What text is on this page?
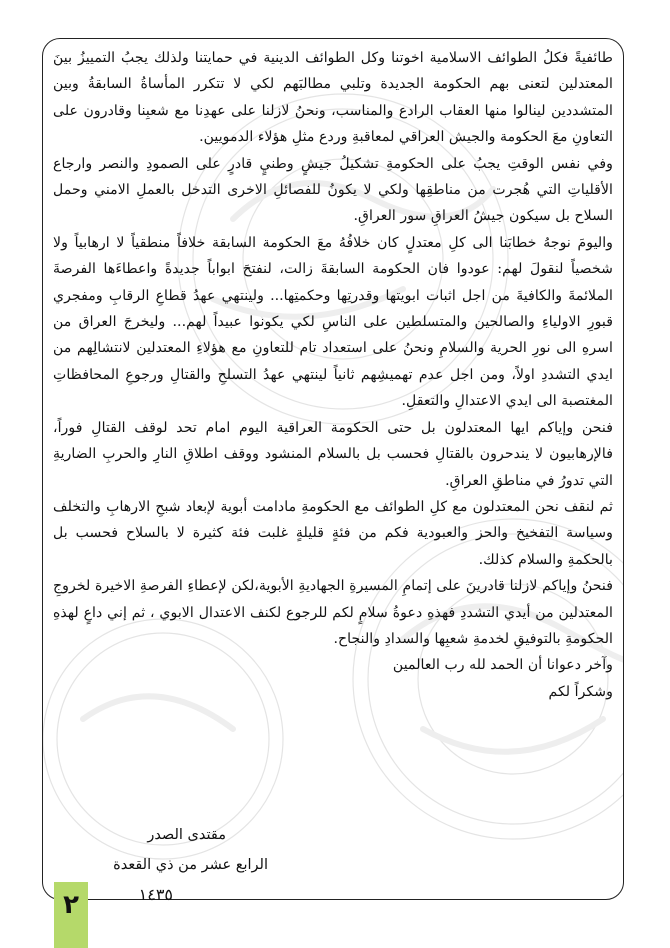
طائفيةً فكلُ الطوائف الاسلامية اخوتنا وكل الطوائف الدينية في حمايتنا ولذلك يجبُ التمييزُ بينَ المعتدلين لتعنى بهم الحكومة الجديدة وتلبي مطالبَهم لكي لا تتكرر المأساةُ السابقةُ وبين المتشددين لينالوا منها العقاب الرادع والمناسب، ونحنُ لازلنا على عهدِنا مع شعبِنا وقادرون على التعاونِ معَ الحكومة والجيش العراقي لمعاقبةِ وردع مثلِ هؤلاء الدمويين.

وفي نفس الوقتِ يجبُ على الحكومةِ تشكيلُ جيشٍ وطنيٍ قادرٍ على الصمودِ والنصر وارجاع الأقلياتِ التي هُجرت من مناطقِها ولكي لا يكونُ للفصائلِ الاخرى التدخل بالعملِ الامني وحمل السلاح بل سيكون جيشُ العراقِ سور العراقِ.

واليومَ نوجهُ خطابَنا الى كلِ معتدلٍ كان خلافُهُ معَ الحكومة السابقة خلافاً منطقياً لا ارهابياً ولا شخصياً لنقولَ لهم: عودوا فان الحكومة السابقةَ زالت، لنفتحَ ابواباً جديدةً واعطاءَها الفرصةَ الملائمةَ والكافيةَ من اجل اثبات ابويتها وقدرتِها وحكمتِها... ولينتهي عهدُ قطاعِ الرقابِ ومفجري قبورِ الاولياءِ والصالحين والمتسلطين على الناسِ لكي يكونوا عبيداً لهم... وليخرجَ العراق من اسرهِ الى نورِ الحرية والسلامِ ونحنُ على استعداد تام للتعاونِ مع هؤلاءِ المعتدلين لانتشالِهم من ايدي التشددِ اولاً، ومن اجل عدم تهميشِهم ثانياً لينتهي عهدُ التسلحِ والقتالِ ورجوعِ المحافظاتِ المغتصبة الى ايدي الاعتدالِ والتعقلِ.

فنحن وإياكم ايها المعتدلون بل حتى الحكومة العراقية اليوم امام تحد لوقف القتالِ فوراً، فالإرهابيون لا يندحرون بالقتالِ فحسب بل بالسلام المنشود ووقف اطلاقِ النارِ والحربِ الضاريةِ التي تدورُ في مناطقِ العراقِ.

ثم لنقف نحن المعتدلون مع كلِ الطوائف مع الحكومةِ مادامت أبوية لإبعاد شبحِ الارهابِ والتخلف وسياسة التفخيخ والحز والعبودية فكم من فئةٍ قليلةٍ غلبت فئة كثيرة لا بالسلاح فحسب بل بالحكمةِ والسلام كذلك.

فنحنُ وإياكم لازلنا قادرينَ على إتمامِ المسيرةِ الجهاديةِ الأبوية،لكن لإعطاءِ الفرصةِ الاخيرة لخروجِ المعتدلين من أيدي التشددِ فهذهِ دعوةُ سلامٍ لكم للرجوع لكنف الاعتدال الابوي ، ثم إني داعٍ لهذهِ الحكومةِ بالتوفيقِ لخدمةِ شعبِها والسدادِ والنجاح.

وآخر دعوانا أن الحمد لله رب العالمين

وشكراً لكم

مقتدى الصدر
الرابع عشر من ذي القعدة
١٤٣٥
٢
